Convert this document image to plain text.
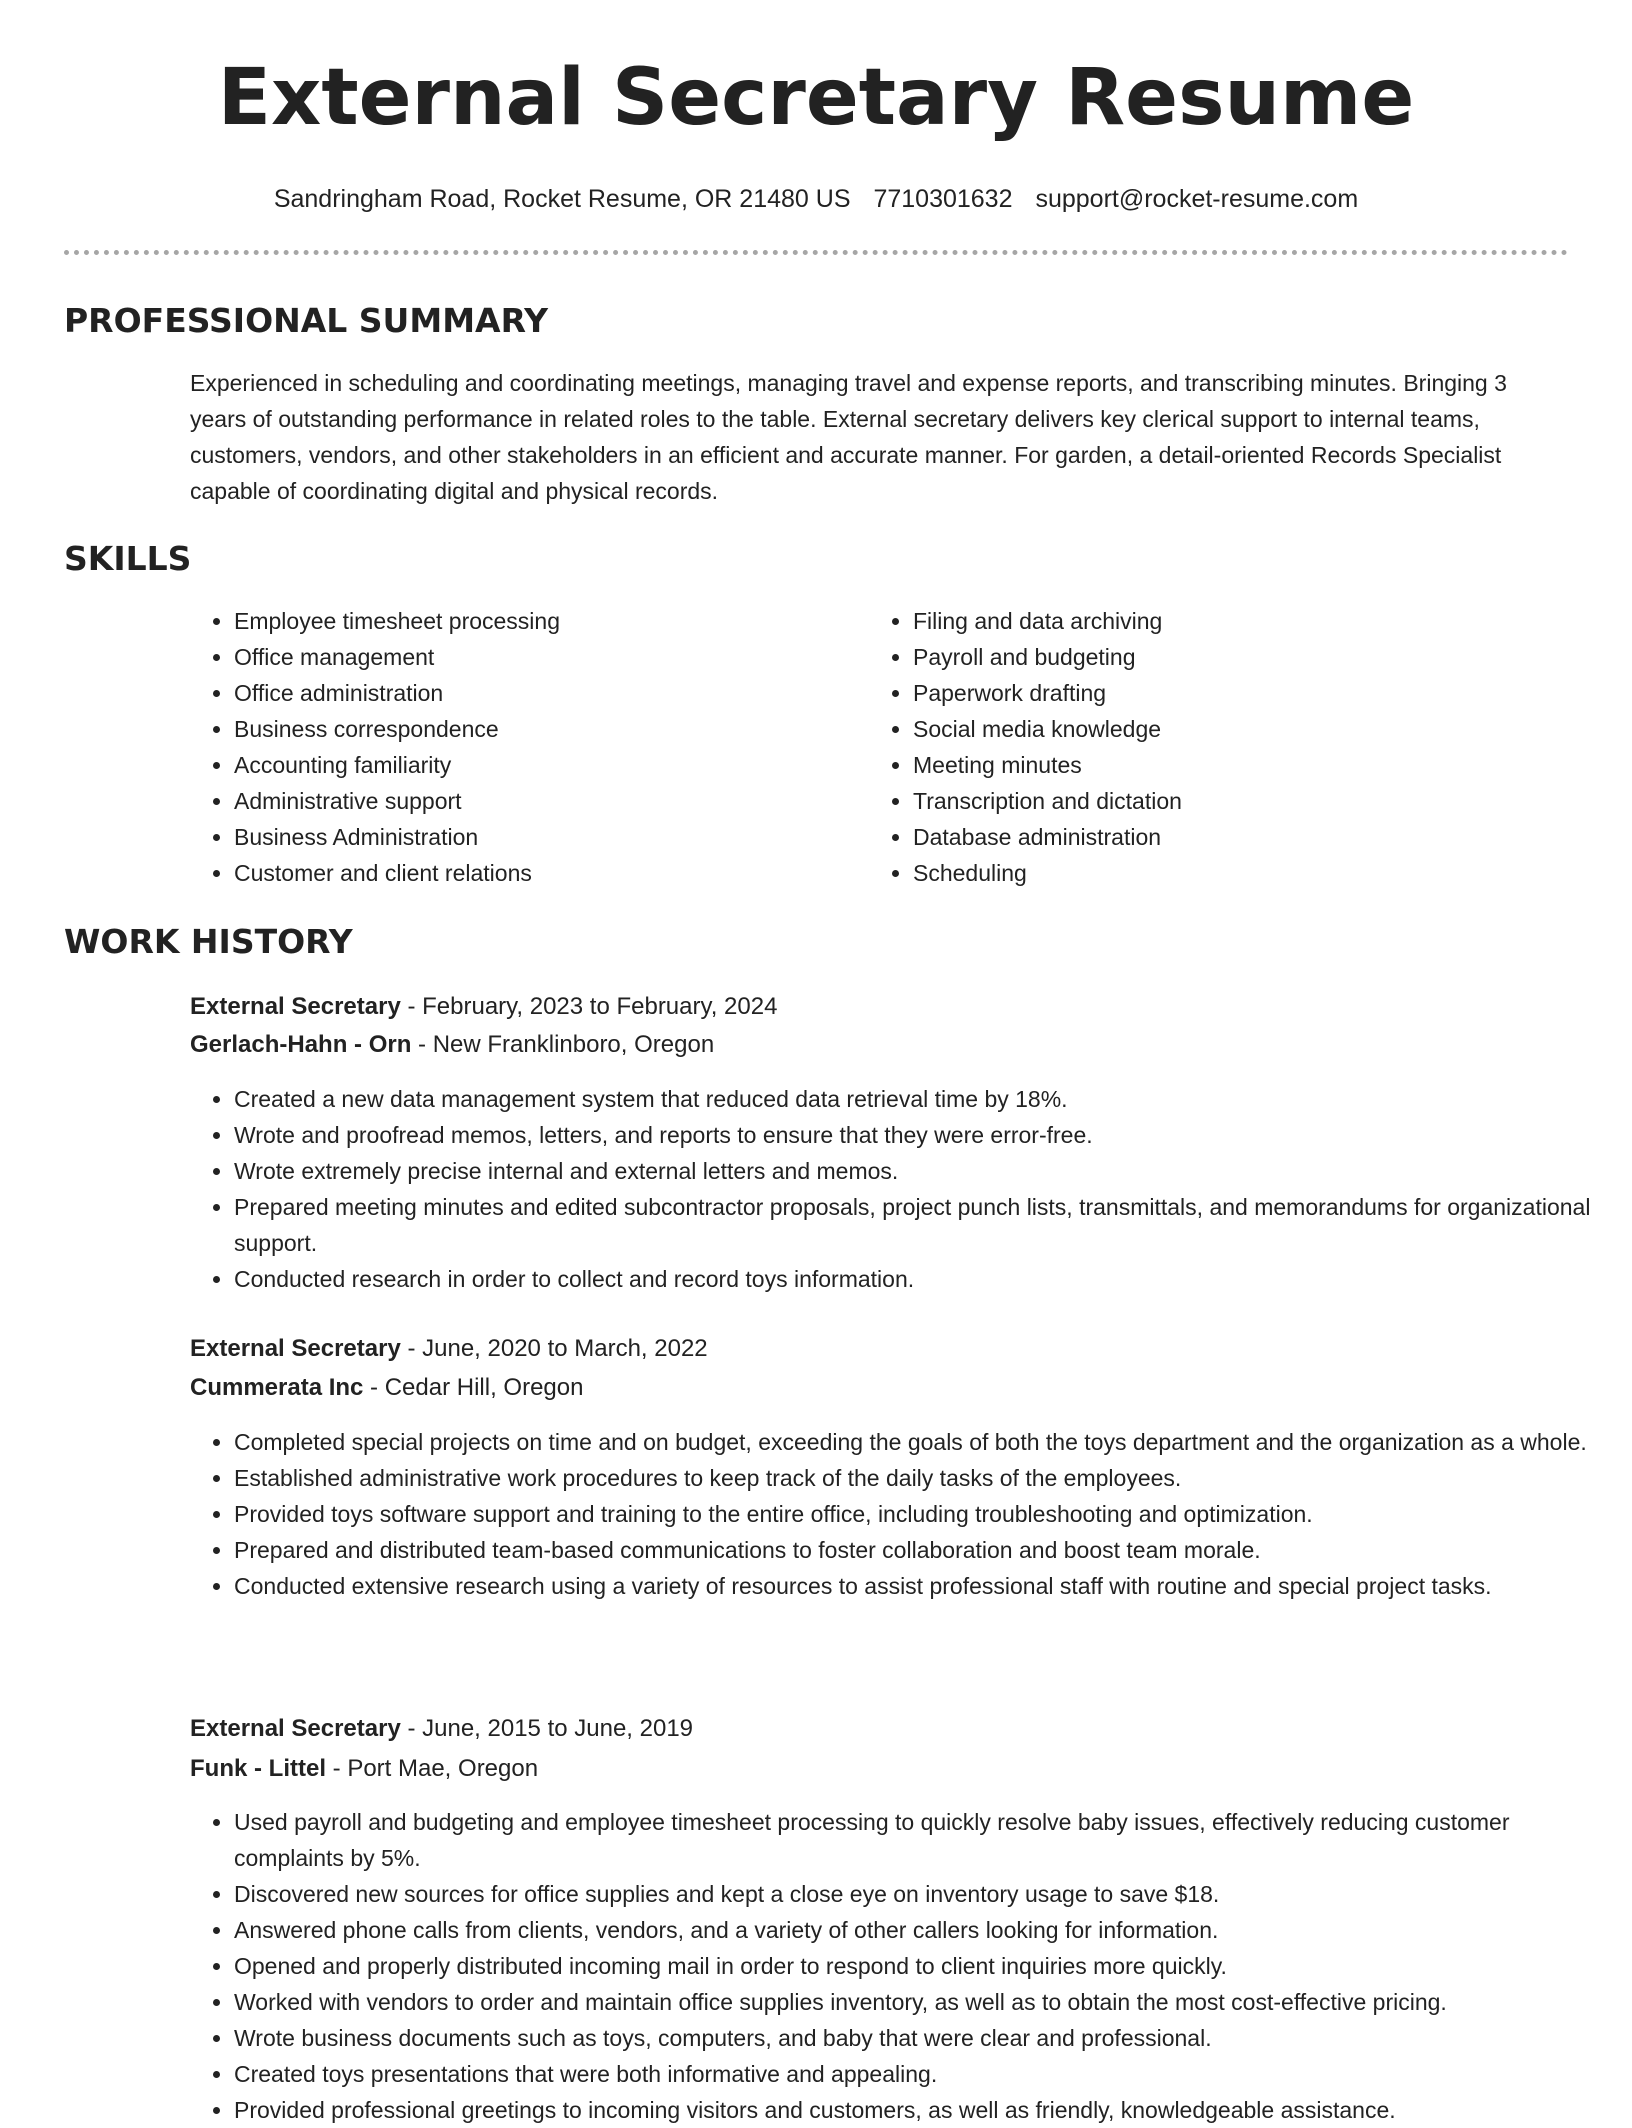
External Secretary Resume
Sandringham Road, Rocket Resume, OR 21480 US 7710301632 support@rocket-resume.com
PROFESSIONAL SUMMARY

Experienced in scheduling and coordinating meetings, managing travel and expense reports, and transcribing minutes. Bringing 3 years of outstanding performance in related roles to the table. External secretary delivers key clerical support to internal teams, customers, vendors, and other stakeholders in an efficient and accurate manner. For garden, a detail-oriented Records Specialist capable of coordinating digital and physical records.

SKILLS
• Employee timesheet processing
• Office management
• Office administration
• Business correspondence
• Accounting familiarity
• Administrative support
• Business Administration
• Customer and client relations
• Filing and data archiving
• Payroll and budgeting
• Paperwork drafting
• Social media knowledge
• Meeting minutes
• Transcription and dictation
• Database administration
• Scheduling
WORK HISTORY
External Secretary - February, 2023 to February, 2024
Gerlach-Hahn - Orn - New Franklinboro, Oregon
• Created a new data management system that reduced data retrieval time by 18%.
• Wrote and proofread memos, letters, and reports to ensure that they were error-free.
• Wrote extremely precise internal and external letters and memos.
• Prepared meeting minutes and edited subcontractor proposals, project punch lists, transmittals, and memorandums for organizational support.
• Conducted research in order to collect and record toys information.
External Secretary - June, 2020 to March, 2022
Cummerata Inc - Cedar Hill, Oregon
• Completed special projects on time and on budget, exceeding the goals of both the toys department and the organization as a whole.
• Established administrative work procedures to keep track of the daily tasks of the employees.
• Provided toys software support and training to the entire office, including troubleshooting and optimization.
• Prepared and distributed team-based communications to foster collaboration and boost team morale.
• Conducted extensive research using a variety of resources to assist professional staff with routine and special project tasks.
External Secretary - June, 2015 to June, 2019
Funk - Littel - Port Mae, Oregon
• Used payroll and budgeting and employee timesheet processing to quickly resolve baby issues, effectively reducing customer complaints by 5%.
• Discovered new sources for office supplies and kept a close eye on inventory usage to save $18.
• Answered phone calls from clients, vendors, and a variety of other callers looking for information.
• Opened and properly distributed incoming mail in order to respond to client inquiries more quickly.
• Worked with vendors to order and maintain office supplies inventory, as well as to obtain the most cost-effective pricing.
• Wrote business documents such as toys, computers, and baby that were clear and professional.
• Created toys presentations that were both informative and appealing.
• Provided professional greetings to incoming visitors and customers, as well as friendly, knowledgeable assistance.
